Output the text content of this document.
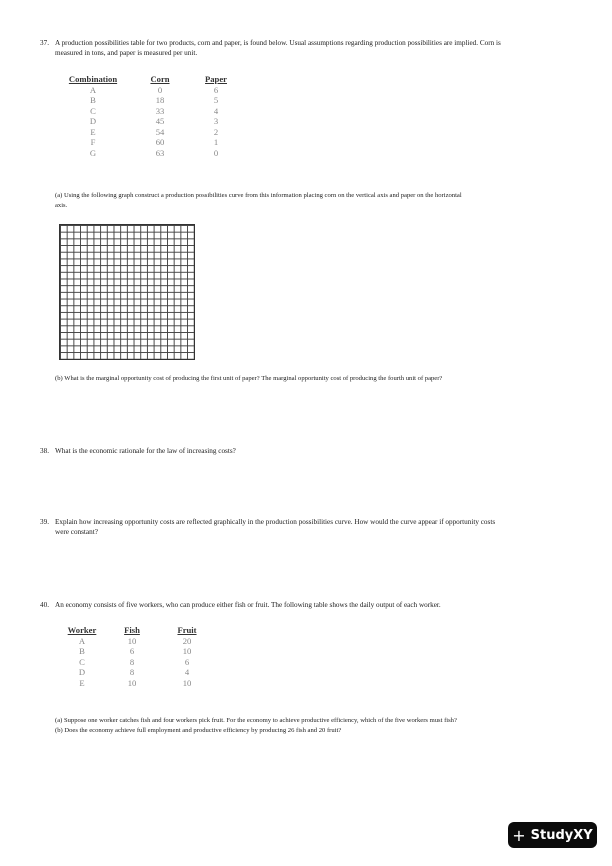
37. A production possibilities table for two products, corn and paper, is found below. Usual assumptions regarding production possibilities are implied. Corn is
measured in tons, and paper is measured per unit.
Combination	Corn	Paper
A	0	6
B	18	5
C	33	4
D	45	3
E	54	2
F	60	1
G	63	0
(a) Using the following graph construct a production possibilities curve from this information placing corn on the vertical axis and paper on the horizontal
axis.
(b) What is the marginal opportunity cost of producing the first unit of paper? The marginal opportunity cost of producing the fourth unit of paper?
38. What is the economic rationale for the law of increasing costs?
39. Explain how increasing opportunity costs are reflected graphically in the production possibilities curve. How would the curve appear if opportunity costs
were constant?
40. An economy consists of five workers, who can produce either fish or fruit. The following table shows the daily output of each worker.
Worker	Fish	Fruit
A	10	20
B	6	10
C	8	6
D	8	4
E	10	10
(a) Suppose one worker catches fish and four workers pick fruit. For the economy to achieve productive efficiency, which of the five workers must fish?
(b) Does the economy achieve full employment and productive efficiency by producing 26 fish and 20 fruit?
+ StudyXY
